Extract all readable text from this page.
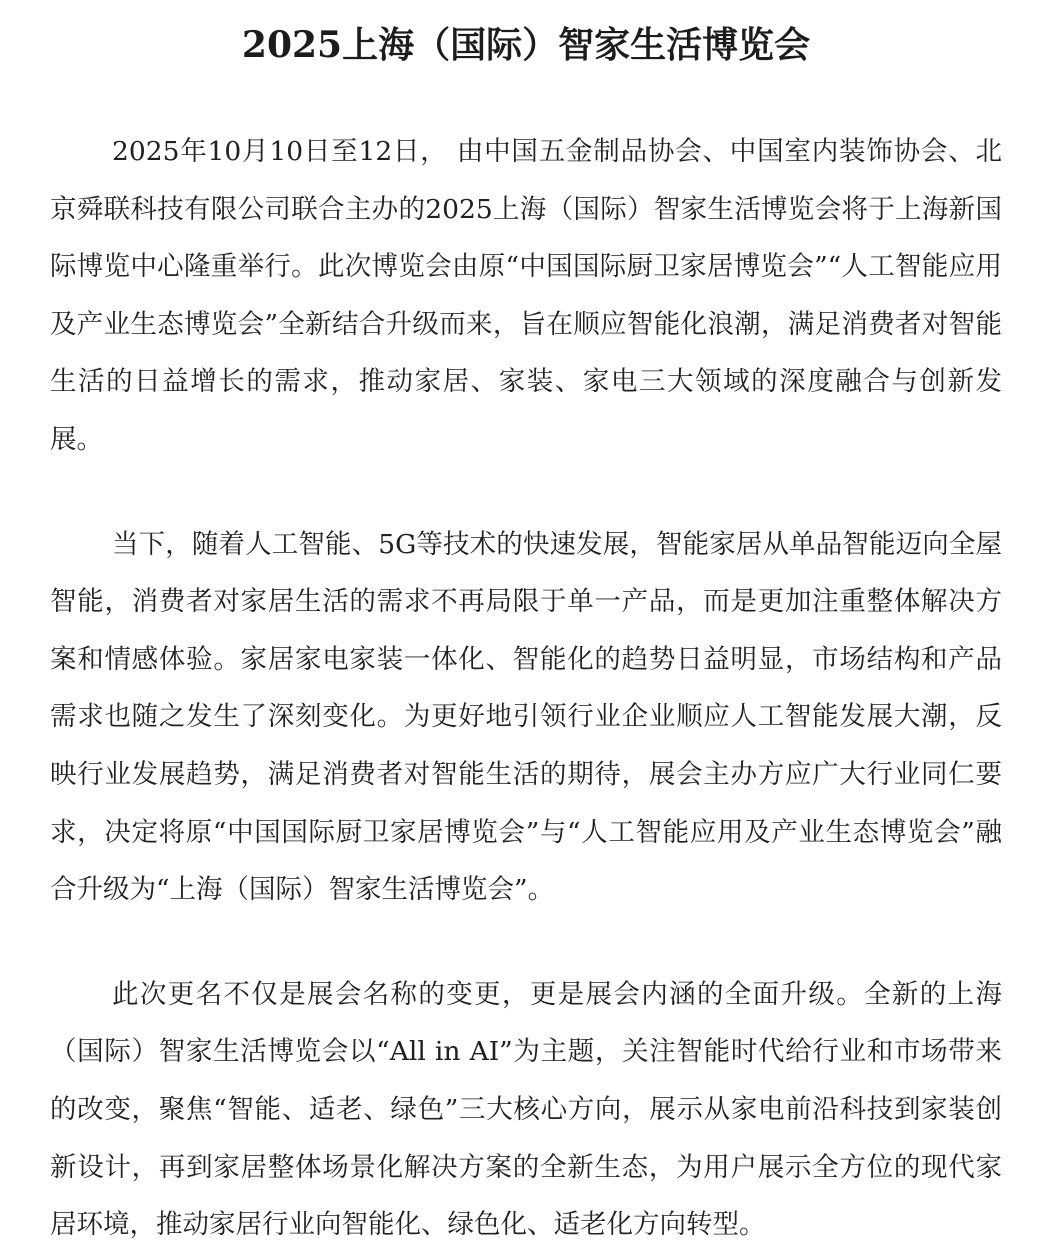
2025上海（国际）智家生活博览会

2025年10月10日至12日， 由中国五金制品协会、中国室内装饰协会、北京舜联科技有限公司联合主办的2025上海（国际）智家生活博览会将于上海新国际博览中心隆重举行。此次博览会由原“中国国际厨卫家居博览会”“人工智能应用及产业生态博览会”全新结合升级而来，旨在顺应智能化浪潮，满足消费者对智能生活的日益增长的需求，推动家居、家装、家电三大领域的深度融合与创新发展。

当下，随着人工智能、5G等技术的快速发展，智能家居从单品智能迈向全屋智能，消费者对家居生活的需求不再局限于单一产品，而是更加注重整体解决方案和情感体验。家居家电家装一体化、智能化的趋势日益明显，市场结构和产品需求也随之发生了深刻变化。为更好地引领行业企业顺应人工智能发展大潮，反映行业发展趋势，满足消费者对智能生活的期待，展会主办方应广大行业同仁要求，决定将原“中国国际厨卫家居博览会”与“人工智能应用及产业生态博览会”融合升级为“上海（国际）智家生活博览会”。

此次更名不仅是展会名称的变更，更是展会内涵的全面升级。全新的上海（国际）智家生活博览会以“All in AI”为主题，关注智能时代给行业和市场带来的改变，聚焦“智能、适老、绿色”三大核心方向，展示从家电前沿科技到家装创新设计，再到家居整体场景化解决方案的全新生态，为用户展示全方位的现代家居环境，推动家居行业向智能化、绿色化、适老化方向转型。
